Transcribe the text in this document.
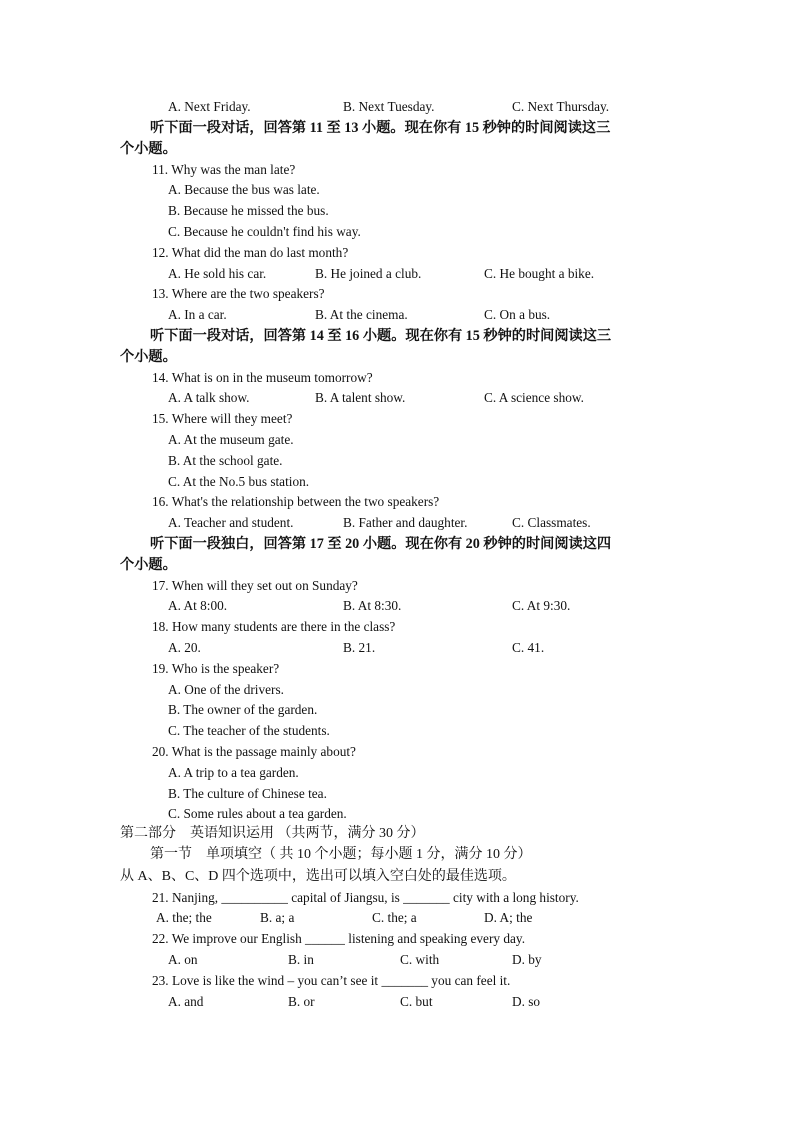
A. Next Friday.	B. Next Tuesday.	C. Next Thursday.
听下面一段对话，回答第 11 至 13 小题。现在你有 15 秒钟的时间阅读这三
个小题。
11. Why was the man late?
A. Because the bus was late.
B. Because he missed the bus.
C. Because he couldn't find his way.
12. What did the man do last month?
A. He sold his car.	B. He joined a club.	C. He bought a bike.
13. Where are the two speakers?
A. In a car.	B. At the cinema.	C. On a bus.
听下面一段对话，回答第 14 至 16 小题。现在你有 15 秒钟的时间阅读这三
个小题。
14. What is on in the museum tomorrow?
A. A talk show.	B. A talent show.	C. A science show.
15. Where will they meet?
A. At the museum gate.
B. At the school gate.
C. At the No.5 bus station.
16. What's the relationship between the two speakers?
A. Teacher and student.	B. Father and daughter.	C. Classmates.
听下面一段独白，回答第 17 至 20 小题。现在你有 20 秒钟的时间阅读这四
个小题。
17. When will they set out on Sunday?
A. At 8:00.	B. At 8:30.	C. At 9:30.
18. How many students are there in the class?
A. 20.	B. 21.	C. 41.
19. Who is the speaker?
A. One of the drivers.
B. The owner of the garden.
C. The teacher of the students.
20. What is the passage mainly about?
A. A trip to a tea garden.
B. The culture of Chinese tea.
C. Some rules about a tea garden.
第二部分　英语知识运用 （共两节，满分 30 分）
第一节　单项填空（ 共 10 个小题；每小题 1 分，满分 10 分）
从 A、B、C、D 四个选项中，选出可以填入空白处的最佳选项。
21. Nanjing, __________ capital of Jiangsu, is _______ city with a long history.
A. the; the	B. a; a	C. the; a	D. A; the
22. We improve our English ______ listening and speaking every day.
A. on	B. in	C. with	D. by
23. Love is like the wind – you can’t see it _______ you can feel it.
A. and	B. or	C. but	D. so
